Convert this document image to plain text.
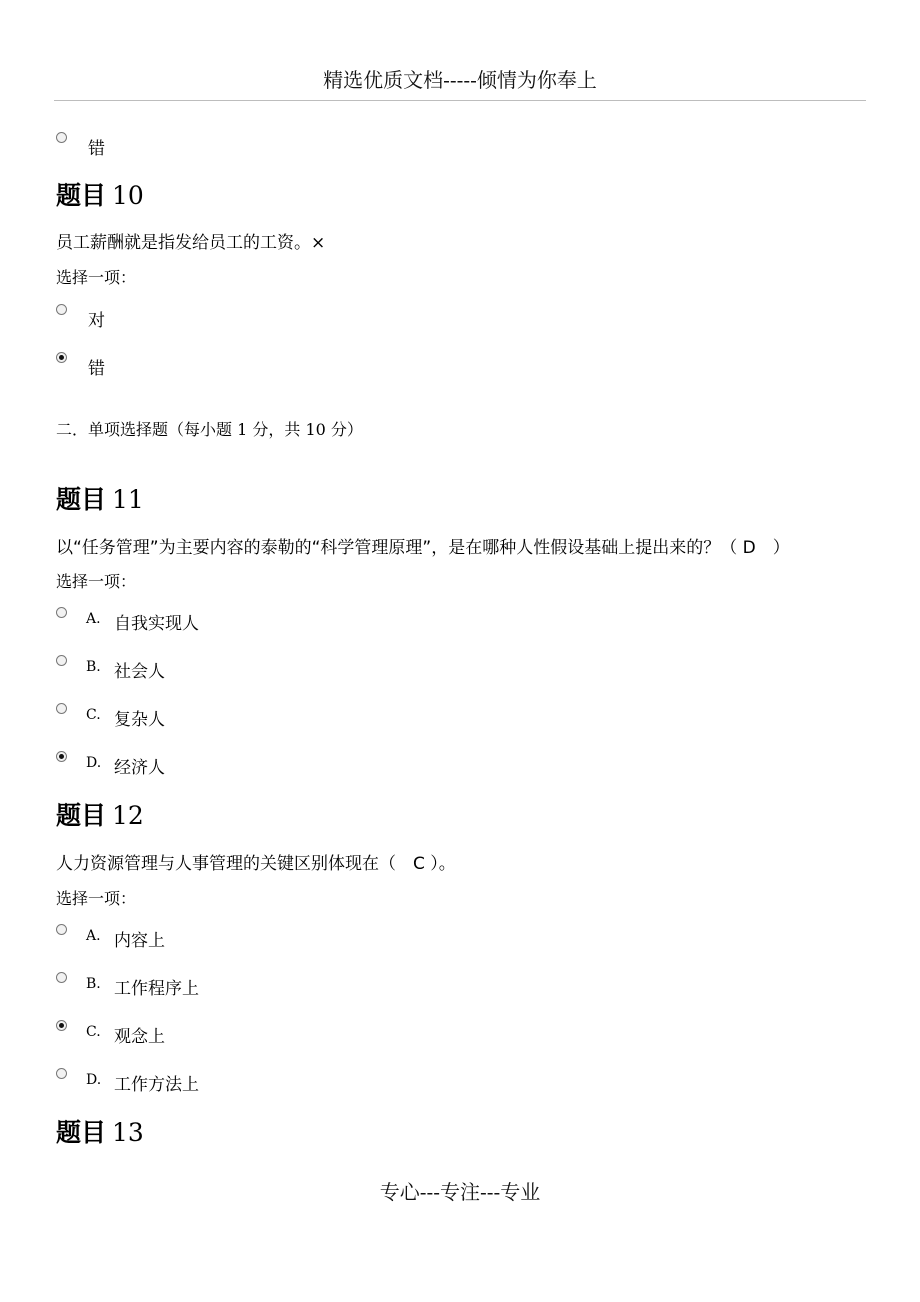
精选优质文档-----倾情为你奉上
错
题目 10
员工薪酬就是指发给员工的工资。×
选择一项：
对
错
二．单项选择题（每小题 1 分，共 10 分）
题目 11
以“任务管理”为主要内容的泰勒的“科学管理原理”，是在哪种人性假设基础上提出来的？（ D　）
选择一项：
A. 自我实现人
B. 社会人
C. 复杂人
D. 经济人
题目 12
人力资源管理与人事管理的关键区别体现在（　C ）。
选择一项：
A. 内容上
B. 工作程序上
C. 观念上
D. 工作方法上
题目 13
专心---专注---专业
